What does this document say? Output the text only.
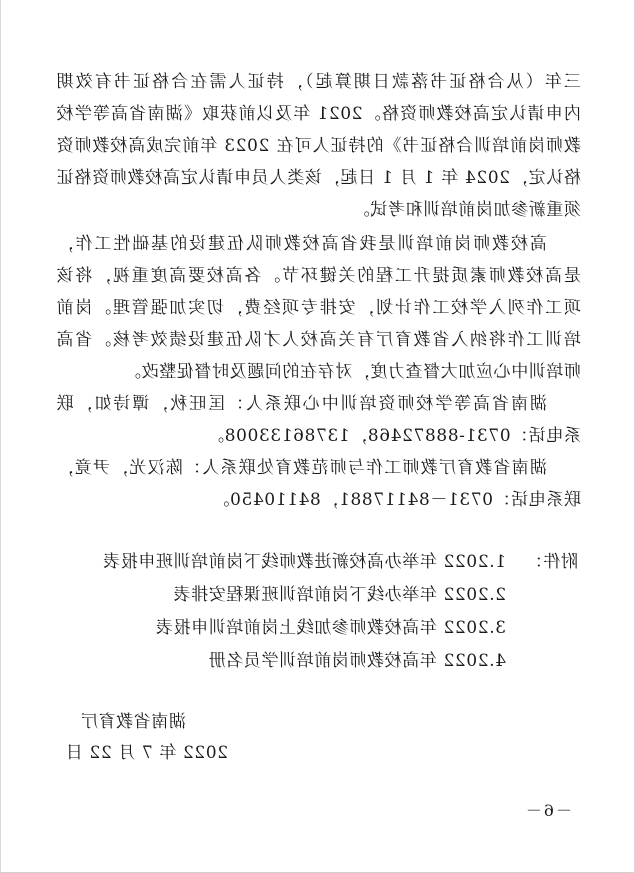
三年（从合格证书落款日期算起），持证人需在合格证书有效期
内申请认定高校教师资格。2021 年及以前获取《湖南省高等学校
教师岗前培训合格证书》的持证人可在 2023 年前完成高校教师资
格认定，2024 年 1 月 1 日起，该类人员申请认定高校教师资格证
须重新参加岗前培训和考试。
高校教师岗前培训是我省高校教师队伍建设的基础性工作，
是高校教师素质提升工程的关键环节。各高校要高度重视，将该
项工作列入学校工作计划，安排专项经费，切实加强管理。岗前
培训工作将纳入省教育厅有关高校人才队伍建设绩效考核。省高
师培训中心应加大督查力度，对存在的问题及时督促整改。
湖南省高等学校师资培训中心联系人：匡旺秋，谭诗如，联
系电话：0731-88872468，13786133008。
湖南省教育厅教师工作与师范教育处联系人：陈汉光，尹竟，
联系电话：0731－84117881，84110450。
附件：
1.2022 年举办高校新进教师线下岗前培训班申报表
2.2022 年举办线下岗前培训班课程安排表
3.2022 年高校教师参加线上岗前培训申报表
4.2022 年高校教师岗前培训学员名册
湖南省教育厅
2022 年 7 月 22 日
－6－
